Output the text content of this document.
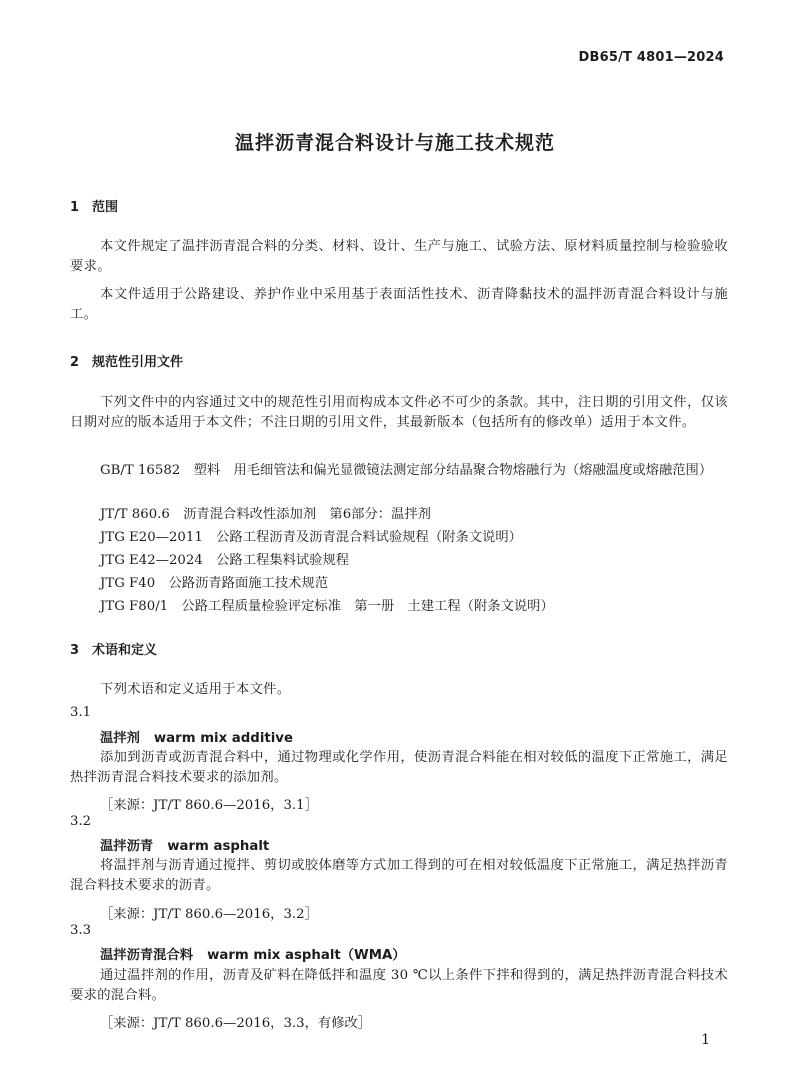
DB65/T 4801—2024
温拌沥青混合料设计与施工技术规范
1 范围
本文件规定了温拌沥青混合料的分类、材料、设计、生产与施工、试验方法、原材料质量控制与检验验收要求。
本文件适用于公路建设、养护作业中采用基于表面活性技术、沥青降黏技术的温拌沥青混合料设计与施工。
2 规范性引用文件
下列文件中的内容通过文中的规范性引用而构成本文件必不可少的条款。其中，注日期的引用文件，仅该日期对应的版本适用于本文件；不注日期的引用文件，其最新版本（包括所有的修改单）适用于本文件。
GB/T 16582　塑料　用毛细管法和偏光显微镜法测定部分结晶聚合物熔融行为（熔融温度或熔融范围）
JT/T 860.6　沥青混合料改性添加剂　第6部分：温拌剂
JTG E20—2011　公路工程沥青及沥青混合料试验规程（附条文说明）
JTG E42—2024　公路工程集料试验规程
JTG F40　公路沥青路面施工技术规范
JTG F80/1　公路工程质量检验评定标准　第一册　土建工程（附条文说明）
3 术语和定义
下列术语和定义适用于本文件。
3.1
温拌剂 warm mix additive
添加到沥青或沥青混合料中，通过物理或化学作用，使沥青混合料能在相对较低的温度下正常施工，满足热拌沥青混合料技术要求的添加剂。
［来源：JT/T 860.6—2016，3.1］
3.2
温拌沥青 warm asphalt
将温拌剂与沥青通过搅拌、剪切或胶体磨等方式加工得到的可在相对较低温度下正常施工，满足热拌沥青混合料技术要求的沥青。
［来源：JT/T 860.6—2016，3.2］
3.3
温拌沥青混合料 warm mix asphalt（WMA）
通过温拌剂的作用，沥青及矿料在降低拌和温度 30 ℃以上条件下拌和得到的，满足热拌沥青混合料技术要求的混合料。
［来源：JT/T 860.6—2016，3.3，有修改］
1
